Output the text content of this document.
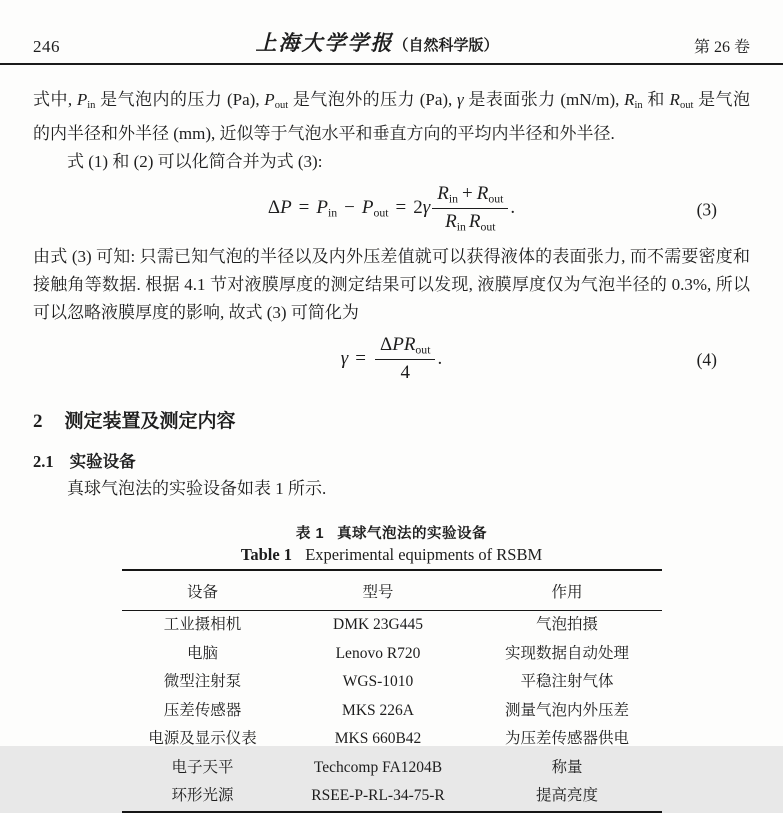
246	上海大学学报（自然科学版）	第 26 卷

式中, $P_{in}$ 是气泡内的压力 (Pa), $P_{out}$ 是气泡外的压力 (Pa), γ 是表面张力 (mN/m), $R_{in}$ 和 $R_{out}$ 是气泡的内半径和外半径 (mm), 近似等于气泡水平和垂直方向的平均内半径和外半径.

式 (1) 和 (2) 可以化简合并为式 (3):

$\Delta P = P_{in} - P_{out} = 2\gamma \frac{R_{in} + R_{out}}{R_{in} R_{out}}$ .	(3)

由式 (3) 可知: 只需已知气泡的半径以及内外压差值就可以获得液体的表面张力, 而不需要密度和接触角等数据. 根据 4.1 节对液膜厚度的测定结果可以发现, 液膜厚度仅为气泡半径的 0.3%, 所以可以忽略液膜厚度的影响, 故式 (3) 可简化为

$\gamma = \frac{\Delta PR_{out}}{4}$ .	(4)
2 测定装置及测定内容
2.1 实验设备

真球气泡法的实验设备如表 1 所示.

表 1 真球气泡法的实验设备
Table 1 Experimental equipments of RSBM
设备	型号	作用
工业摄相机	DMK 23G445	气泡拍摄
电脑	Lenovo R720	实现数据自动处理
微型注射泵	WGS-1010	平稳注射气体
压差传感器	MKS 226A	测量气泡内外压差
电源及显示仪表	MKS 660B42	为压差传感器供电
电子天平	Techcomp FA1204B	称量
环形光源	RSEE-P-RL-34-75-R	提高亮度
